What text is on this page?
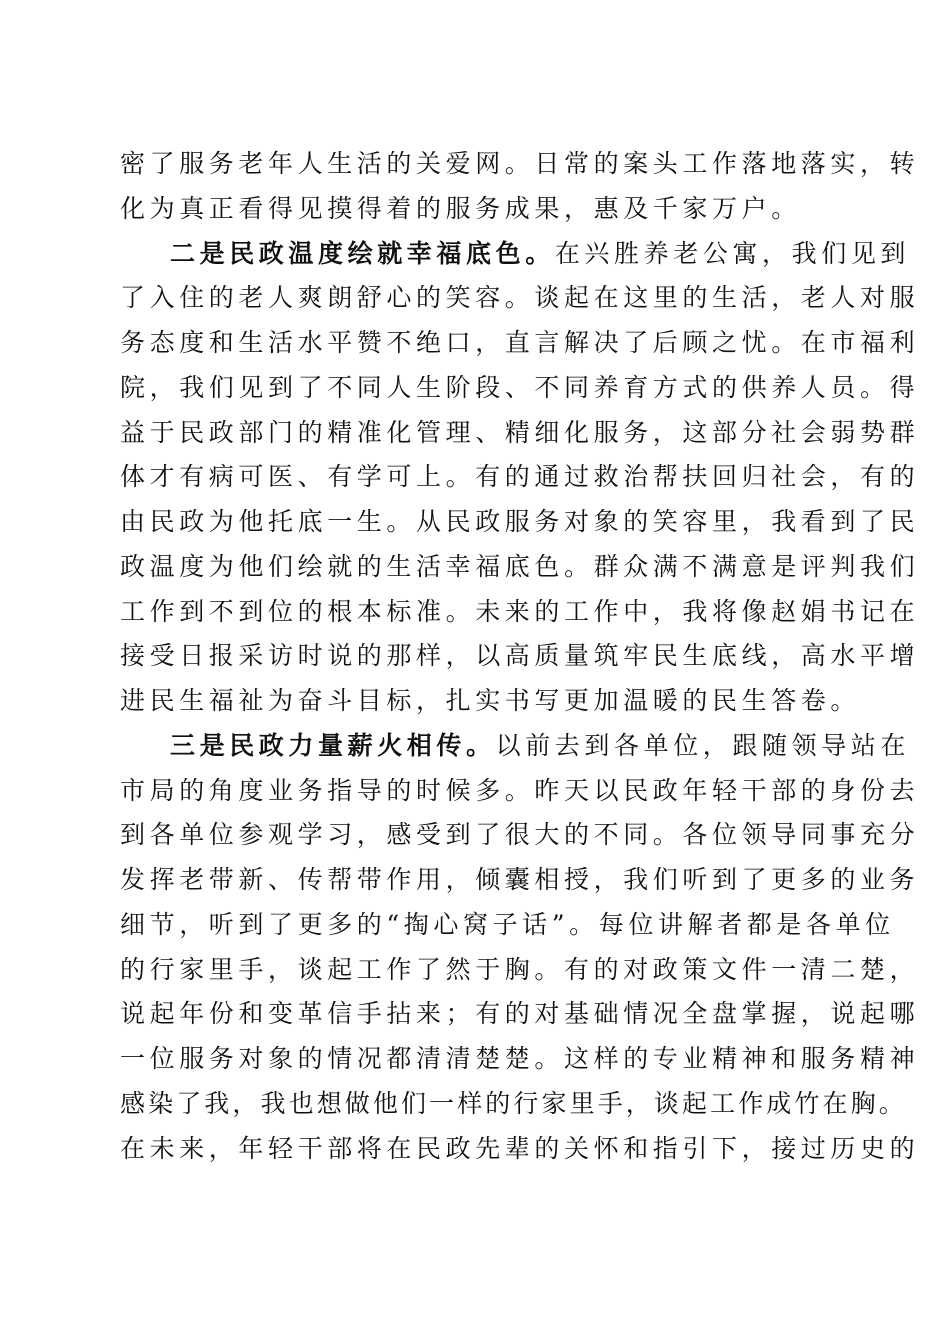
密了服务老年人生活的关爱网。日常的案头工作落地落实，转
化为真正看得见摸得着的服务成果，惠及千家万户。
二是民政温度绘就幸福底色。在兴胜养老公寓，我们见到
了入住的老人爽朗舒心的笑容。谈起在这里的生活，老人对服
务态度和生活水平赞不绝口，直言解决了后顾之忧。在市福利
院，我们见到了不同人生阶段、不同养育方式的供养人员。得
益于民政部门的精准化管理、精细化服务，这部分社会弱势群
体才有病可医、有学可上。有的通过救治帮扶回归社会，有的
由民政为他托底一生。从民政服务对象的笑容里，我看到了民
政温度为他们绘就的生活幸福底色。群众满不满意是评判我们
工作到不到位的根本标准。未来的工作中，我将像赵娟书记在
接受日报采访时说的那样，以高质量筑牢民生底线，高水平增
进民生福祉为奋斗目标，扎实书写更加温暖的民生答卷。
三是民政力量薪火相传。以前去到各单位，跟随领导站在
市局的角度业务指导的时候多。昨天以民政年轻干部的身份去
到各单位参观学习，感受到了很大的不同。各位领导同事充分
发挥老带新、传帮带作用，倾囊相授，我们听到了更多的业务
细节，听到了更多的“掏心窝子话”。每位讲解者都是各单位
的行家里手，谈起工作了然于胸。有的对政策文件一清二楚，
说起年份和变革信手拈来；有的对基础情况全盘掌握，说起哪
一位服务对象的情况都清清楚楚。这样的专业精神和服务精神
感染了我，我也想做他们一样的行家里手，谈起工作成竹在胸。
在未来，年轻干部将在民政先辈的关怀和指引下，接过历史的
